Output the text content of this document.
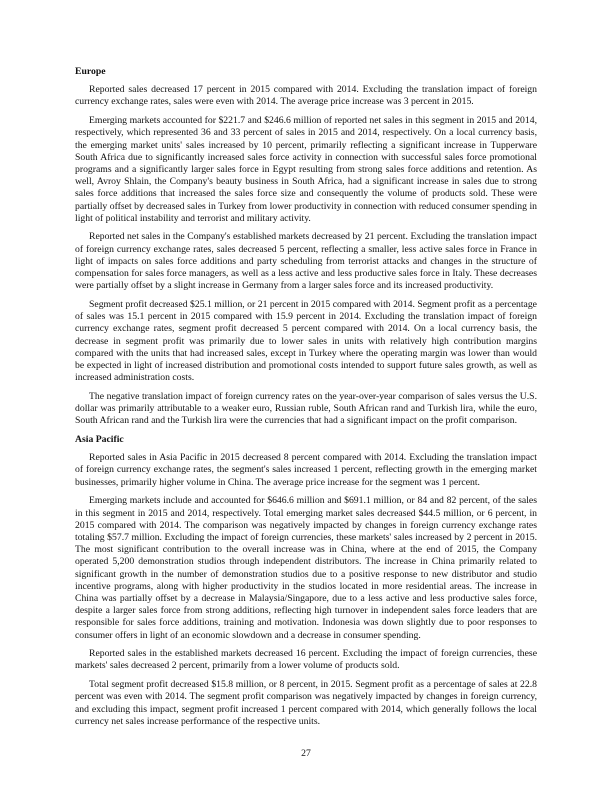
Europe

Reported sales decreased 17 percent in 2015 compared with 2014. Excluding the translation impact of foreign currency exchange rates, sales were even with 2014. The average price increase was 3 percent in 2015.

Emerging markets accounted for $221.7 and $246.6 million of reported net sales in this segment in 2015 and 2014, respectively, which represented 36 and 33 percent of sales in 2015 and 2014, respectively. On a local currency basis, the emerging market units' sales increased by 10 percent, primarily reflecting a significant increase in Tupperware South Africa due to significantly increased sales force activity in connection with successful sales force promotional programs and a significantly larger sales force in Egypt resulting from strong sales force additions and retention. As well, Avroy Shlain, the Company's beauty business in South Africa, had a significant increase in sales due to strong sales force additions that increased the sales force size and consequently the volume of products sold. These were partially offset by decreased sales in Turkey from lower productivity in connection with reduced consumer spending in light of political instability and terrorist and military activity.

Reported net sales in the Company's established markets decreased by 21 percent. Excluding the translation impact of foreign currency exchange rates, sales decreased 5 percent, reflecting a smaller, less active sales force in France in light of impacts on sales force additions and party scheduling from terrorist attacks and changes in the structure of compensation for sales force managers, as well as a less active and less productive sales force in Italy. These decreases were partially offset by a slight increase in Germany from a larger sales force and its increased productivity.

Segment profit decreased $25.1 million, or 21 percent in 2015 compared with 2014. Segment profit as a percentage of sales was 15.1 percent in 2015 compared with 15.9 percent in 2014. Excluding the translation impact of foreign currency exchange rates, segment profit decreased 5 percent compared with 2014. On a local currency basis, the decrease in segment profit was primarily due to lower sales in units with relatively high contribution margins compared with the units that had increased sales, except in Turkey where the operating margin was lower than would be expected in light of increased distribution and promotional costs intended to support future sales growth, as well as increased administration costs.

The negative translation impact of foreign currency rates on the year-over-year comparison of sales versus the U.S. dollar was primarily attributable to a weaker euro, Russian ruble, South African rand and Turkish lira, while the euro, South African rand and the Turkish lira were the currencies that had a significant impact on the profit comparison.

Asia Pacific

Reported sales in Asia Pacific in 2015 decreased 8 percent compared with 2014. Excluding the translation impact of foreign currency exchange rates, the segment's sales increased 1 percent, reflecting growth in the emerging market businesses, primarily higher volume in China. The average price increase for the segment was 1 percent.

Emerging markets include and accounted for $646.6 million and $691.1 million, or 84 and 82 percent, of the sales in this segment in 2015 and 2014, respectively. Total emerging market sales decreased $44.5 million, or 6 percent, in 2015 compared with 2014. The comparison was negatively impacted by changes in foreign currency exchange rates totaling $57.7 million. Excluding the impact of foreign currencies, these markets' sales increased by 2 percent in 2015. The most significant contribution to the overall increase was in China, where at the end of 2015, the Company operated 5,200 demonstration studios through independent distributors. The increase in China primarily related to significant growth in the number of demonstration studios due to a positive response to new distributor and studio incentive programs, along with higher productivity in the studios located in more residential areas. The increase in China was partially offset by a decrease in Malaysia/Singapore, due to a less active and less productive sales force, despite a larger sales force from strong additions, reflecting high turnover in independent sales force leaders that are responsible for sales force additions, training and motivation. Indonesia was down slightly due to poor responses to consumer offers in light of an economic slowdown and a decrease in consumer spending.

Reported sales in the established markets decreased 16 percent. Excluding the impact of foreign currencies, these markets' sales decreased 2 percent, primarily from a lower volume of products sold.

Total segment profit decreased $15.8 million, or 8 percent, in 2015. Segment profit as a percentage of sales at 22.8 percent was even with 2014. The segment profit comparison was negatively impacted by changes in foreign currency, and excluding this impact, segment profit increased 1 percent compared with 2014, which generally follows the local currency net sales increase performance of the respective units.

27
